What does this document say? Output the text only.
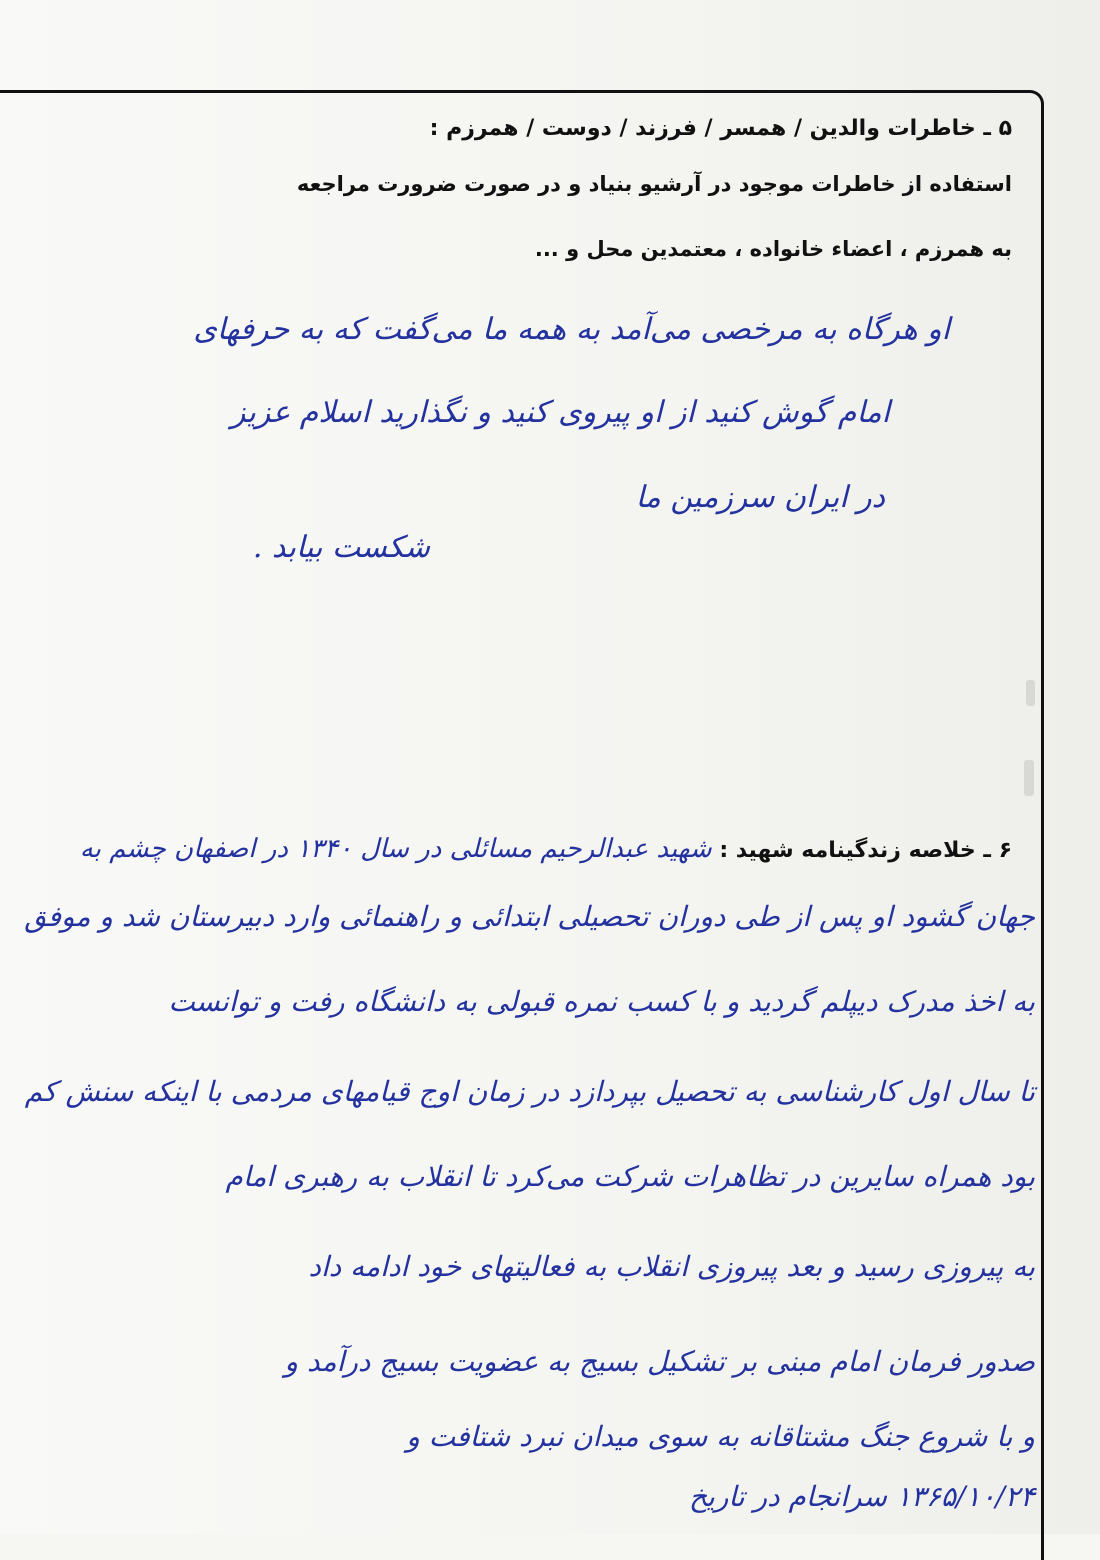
۵ ـ خاطرات والدین / همسر / فرزند / دوست / همرزم :
استفاده از خاطرات موجود در آرشیو بنیاد و در صورت ضرورت مراجعه
به همرزم ، اعضاء خانواده ، معتمدین محل و ...
او هرگاه به مرخصی می‌آمد به همه ما می‌گفت که به حرفهای
امام گوش کنید از او پیروی کنید و نگذارید اسلام عزیز
در ایران سرزمین ما
شکست بیابد .
۶ ـ خلاصه زندگینامه شهید : شهید عبدالرحیم مسائلی در سال ۱۳۴۰ در اصفهان چشم به
جهان گشود او پس از طی دوران تحصیلی ابتدائی و راهنمائی وارد دبیرستان شد و موفق
به اخذ مدرک دیپلم گردید و با کسب نمره قبولی به دانشگاه رفت و توانست
تا سال اول کارشناسی به تحصیل بپردازد در زمان اوج قیامهای مردمی با اینکه سنش کم
بود همراه سایرین در تظاهرات شرکت می‌کرد تا انقلاب به رهبری امام
به پیروزی رسید و بعد پیروزی انقلاب به فعالیتهای خود ادامه داد
صدور فرمان امام مبنی بر تشکیل بسیج به عضویت بسیج درآمد و
و با شروع جنگ مشتاقانه به سوی میدان نبرد شتافت و
۱۳۶۵/۱۰/۲۴ سرانجام در تاریخ
